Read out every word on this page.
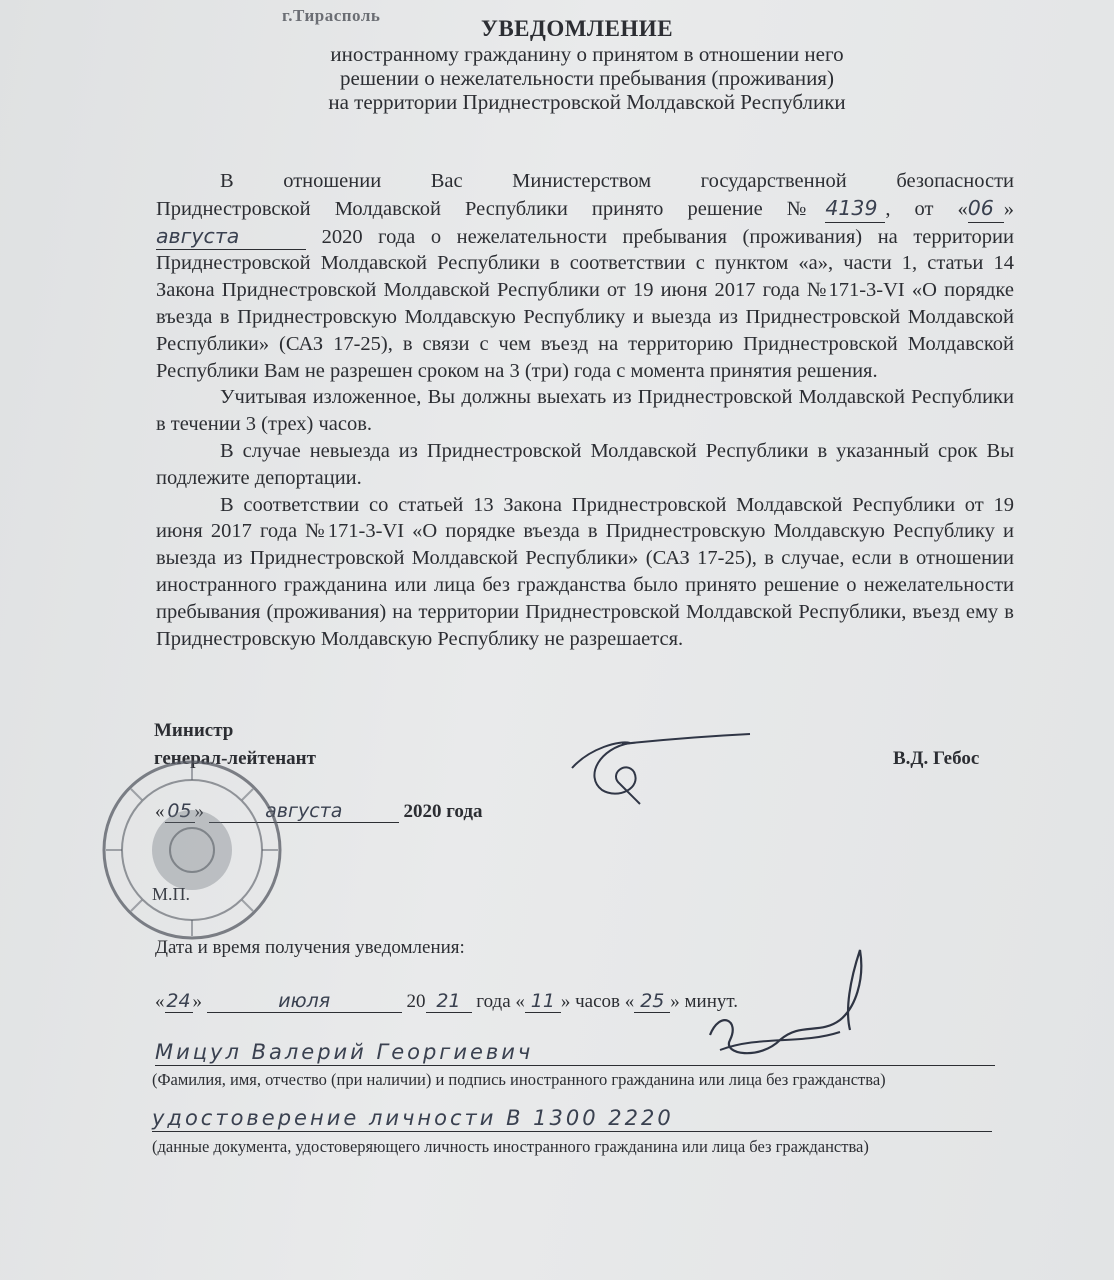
г.Тирасполь
УВЕДОМЛЕНИЕ
иностранному гражданину о принятом в отношении него
решении о нежелательности пребывания (проживания)
на территории Приднестровской Молдавской Республики

В отношении Вас Министерством государственной безопасности

Приднестровской Молдавской Республики принято решение №4139 , от «06 »

августа	2020 года о нежелательности пребывания (проживания) на территории

Приднестровской Молдавской Республики в соответствии с пунктом «а», части 1, статьи 14 Закона Приднестровской Молдавской Республики от 19 июня 2017 года №171-3-VI «О порядке въезда в Приднестровскую Молдавскую Республику и выезда из Приднестровской Молдавской Республики» (САЗ 17-25), в связи с чем въезд на территорию Приднестровской Молдавской Республики Вам не разрешен сроком на 3 (три) года с момента принятия решения.

Учитывая изложенное, Вы должны выехать из Приднестровской Молдавской Республики в течении 3 (трех) часов.

В случае невыезда из Приднестровской Молдавской Республики в указанный срок Вы подлежите депортации.

В соответствии со статьей 13 Закона Приднестровской Молдавской Республики от 19 июня 2017 года №171-3-VI «О порядке въезда в Приднестровскую Молдавскую Республику и выезда из Приднестровской Молдавской Республики» (САЗ 17-25), в случае, если в отношении иностранного гражданина или лица без гражданства было принято решение о нежелательности пребывания (проживания) на территории Приднестровской Молдавской Республики, въезд ему в Приднестровскую Молдавскую Республику не разрешается.

Министр
генерал-лейтенант	В.Д. Гебос
« 05 »	августа	2020 года
М.П.
Дата и время получения уведомления:
« 24 »	июля	20 21 года « 11 » часов « 25 » минут.
Мицул Валерий Георгиевич
(Фамилия, имя, отчество (при наличии) и подпись иностранного гражданина или лица без гражданства)
удостоверение личности В 1300 2220
(данные документа, удостоверяющего личность иностранного гражданина или лица без гражданства)
